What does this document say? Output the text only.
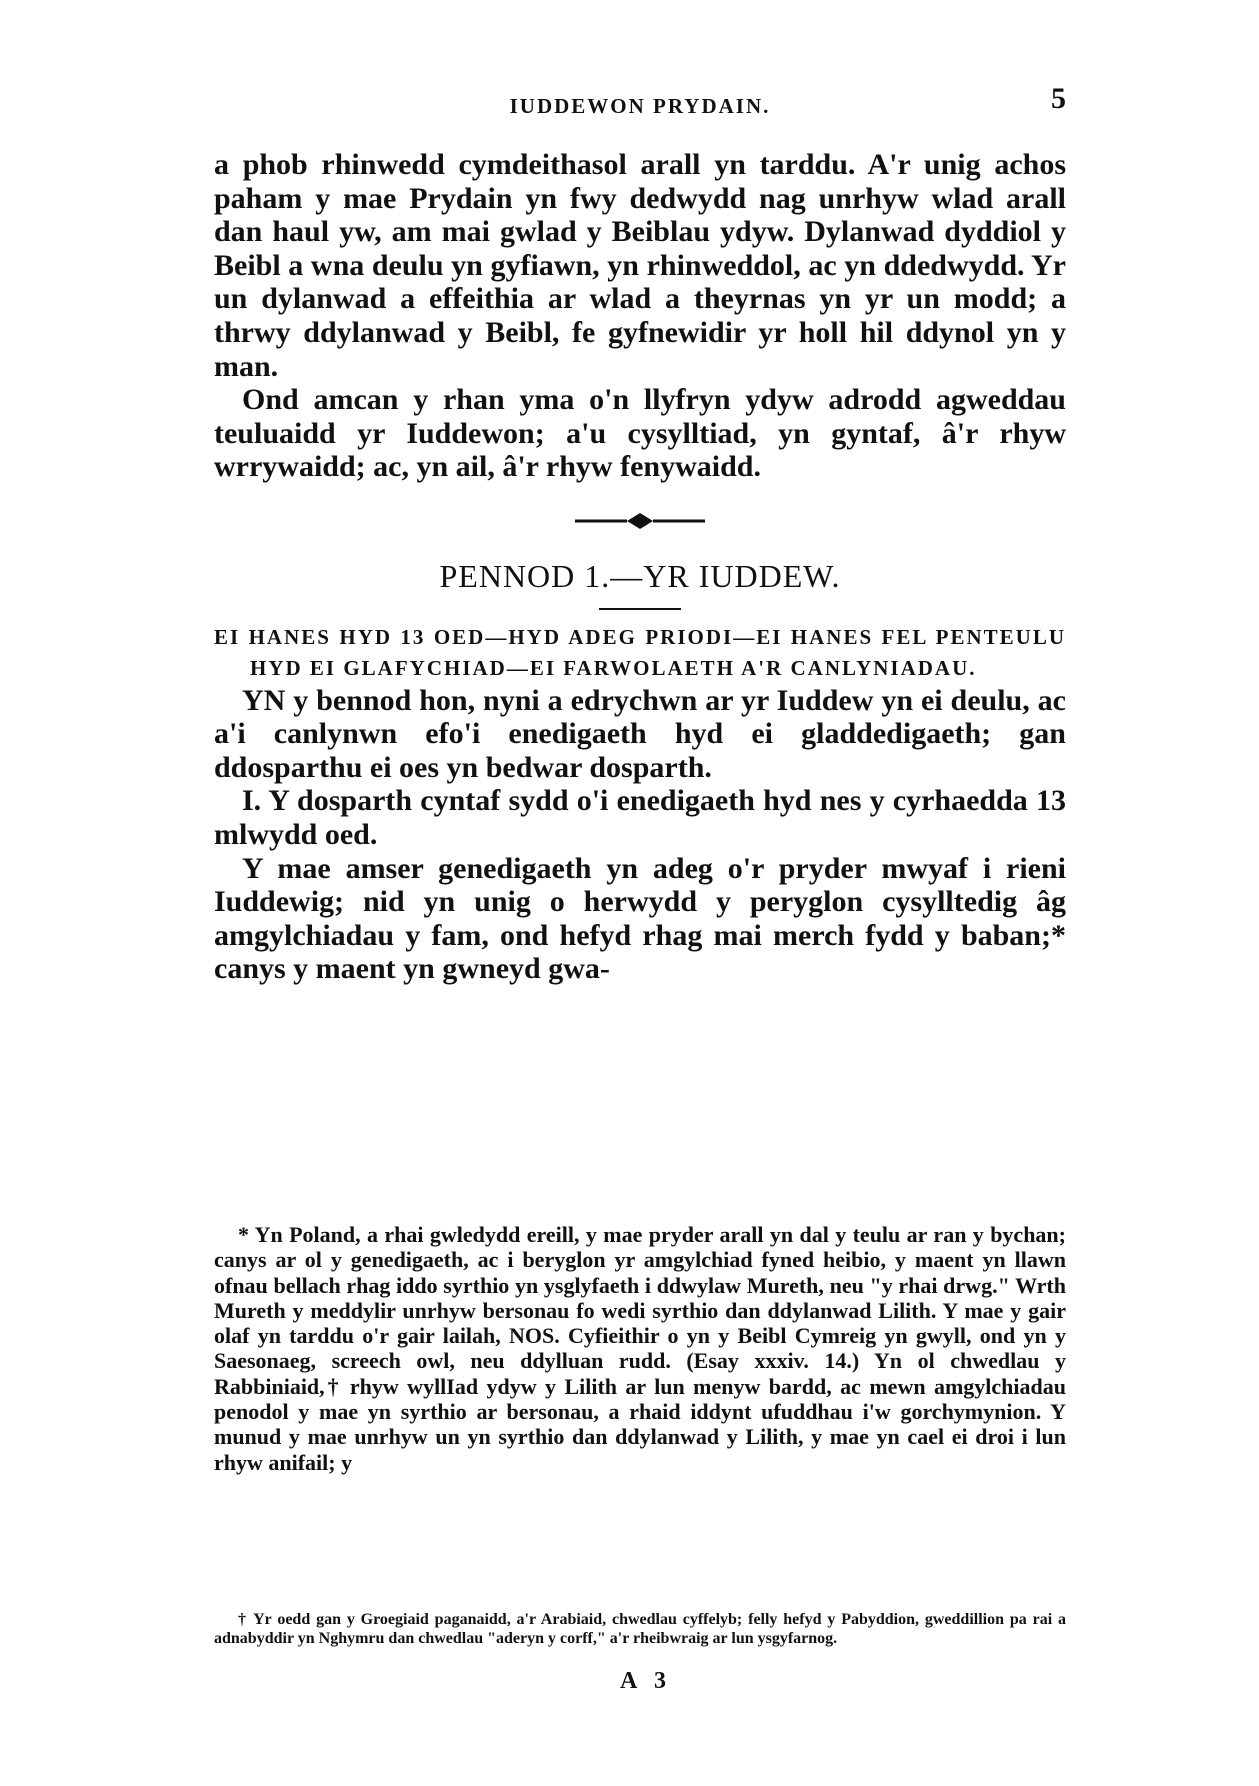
IUDDEWON PRYDAIN.	5

a phob rhinwedd cymdeithasol arall yn tarddu. A'r unig achos paham y mae Prydain yn fwy dedwydd nag unrhyw wlad arall dan haul yw, am mai gwlad y Beiblau ydyw. Dylanwad dyddiol y Beibl a wna deulu yn gyfiawn, yn rhinweddol, ac yn ddedwydd. Yr un dylanwad a effeithia ar wlad a theyrnas yn yr un modd; a thrwy ddylanwad y Beibl, fe gyfnewidir yr holl hil ddynol yn y man.

Ond amcan y rhan yma o'n llyfryn ydyw adrodd agweddau teuluaidd yr Iuddewon; a'u cysylltiad, yn gyntaf, â'r rhyw wrrywaidd; ac, yn ail, â'r rhyw fenywaidd.

PENNOD 1.—YR IUDDEW.

EI HANES HYD 13 OED—HYD ADEG PRIODI—EI HANES FEL PENTEULU HYD EI GLAFYCHIAD—EI FARWOLAETH A'R CANLYNIADAU.

YN y bennod hon, nyni a edrychwn ar yr Iuddew yn ei deulu, ac a'i canlynwn efo'i enedigaeth hyd ei gladdedigaeth; gan ddosparthu ei oes yn bedwar dosparth.

I. Y dosparth cyntaf sydd o'i enedigaeth hyd nes y cyrhaedda 13 mlwydd oed.

Y mae amser genedigaeth yn adeg o'r pryder mwyaf i rieni Iuddewig; nid yn unig o herwydd y peryglon cysylltedig âg amgylchiadau y fam, ond hefyd rhag mai merch fydd y baban;* canys y maent yn gwneyd gwa-

* Yn Poland, a rhai gwledydd ereill, y mae pryder arall yn dal y teulu ar ran y bychan; canys ar ol y genedigaeth, ac i beryglon yr amgylchiad fyned heibio, y maent yn llawn ofnau bellach rhag iddo syrthio yn ysglyfaeth i ddwylaw Mureth, neu "y rhai drwg." Wrth Mureth y meddylir unrhyw bersonau fo wedi syrthio dan ddylanwad Lilith. Y mae y gair olaf yn tarddu o'r gair lailah, NOS. Cyfieithir o yn y Beibl Cymreig yn gwyll, ond yn y Saesonaeg, screech owl, neu ddylluan rudd. (Esay xxxiv. 14.) Yn ol chwedlau y Rabbiniaid,† rhyw wyllIad ydyw y Lilith ar lun menyw bardd, ac mewn amgylchiadau penodol y mae yn syrthio ar bersonau, a rhaid iddynt ufuddhau i'w gorchymynion. Y munud y mae unrhyw un yn syrthio dan ddylanwad y Lilith, y mae yn cael ei droi i lun rhyw anifail; y

† Yr oedd gan y Groegiaid paganaidd, a'r Arabiaid, chwedlau cyffelyb; felly hefyd y Pabyddion, gweddillion pa rai a adnabyddir yn Nghymru dan chwedlau "aderyn y corff," a'r rheibwraig ar lun ysgyfarnog.

A 3
